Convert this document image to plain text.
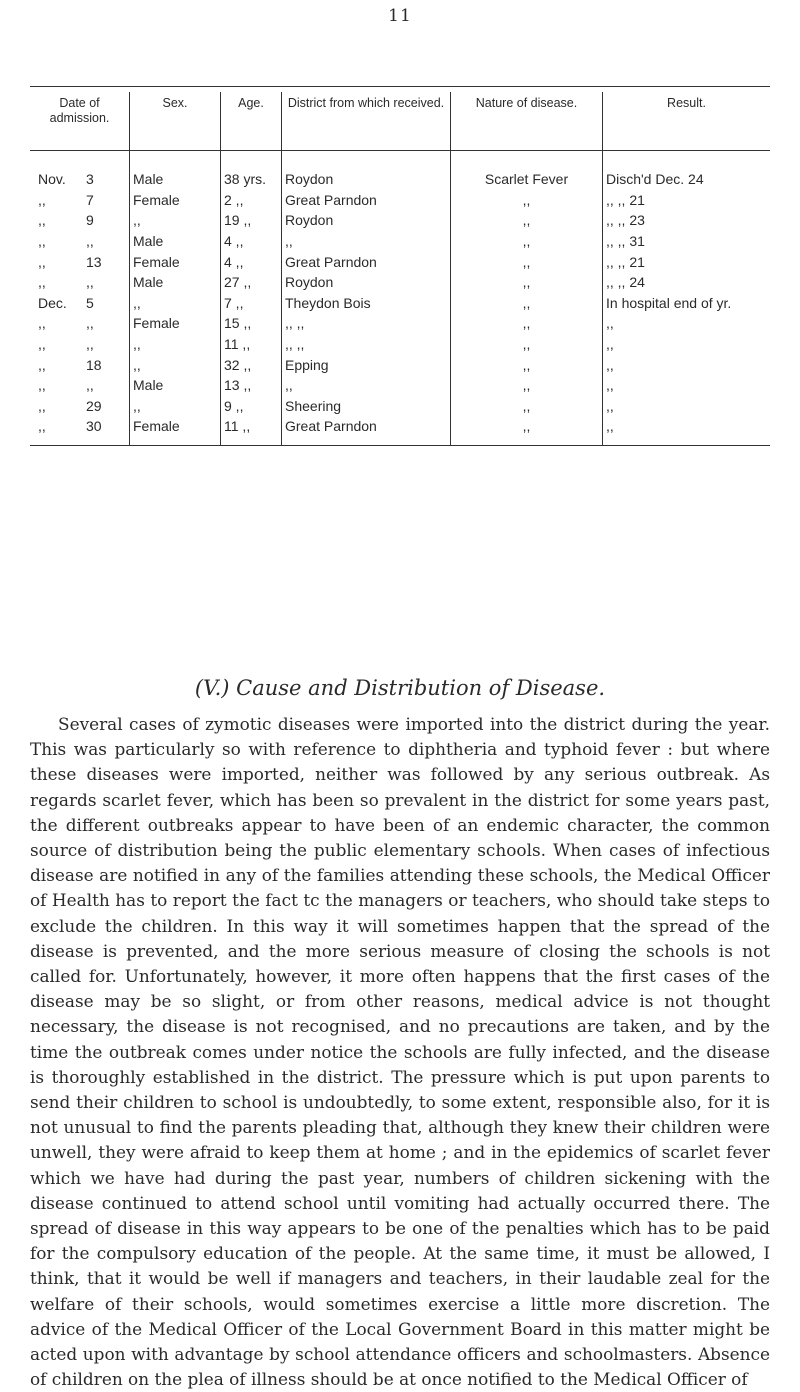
11
Date of admission.	Sex.	Age.	District from which received.	Nature of disease.	Result.
Nov. 3	Male	38 yrs.	Roydon	Scarlet Fever	Disch'd Dec. 24
,, 7	Female	2 ,,	Great Parndon	,,	,, ,, 21
,, 9	,,	19 ,,	Roydon	,,	,, ,, 23
,, ,,	Male	4 ,,	,,	,,	,, ,, 31
,, 13	Female	4 ,,	Great Parndon	,,	,, ,, 21
,, ,,	Male	27 ,,	Roydon	,,	,, ,, 24
Dec. 5	,,	7 ,,	Theydon Bois	,,	In hospital end of yr.
,, ,,	Female	15 ,,	,, ,,	,,	,,
,, ,,	,,	11 ,,	,, ,,	,,	,,
,, 18	,,	32 ,,	Epping	,,	,,
,, ,,	Male	13 ,,	,,	,,	,,
,, 29	,,	9 ,,	Sheering	,,	,,
,, 30	Female	11 ,,	Great Parndon	,,	,,
(V.) Cause and Distribution of Disease.

Several cases of zymotic diseases were imported into the district during the year. This was particularly so with reference to diphtheria and typhoid fever : but where these diseases were imported, neither was followed by any serious outbreak. As regards scarlet fever, which has been so prevalent in the district for some years past, the different outbreaks appear to have been of an endemic character, the common source of distribution being the public elementary schools. When cases of infectious disease are notified in any of the families attending these schools, the Medical Officer of Health has to report the fact tc the managers or teachers, who should take steps to exclude the children. In this way it will sometimes happen that the spread of the disease is prevented, and the more serious measure of closing the schools is not called for. Unfortunately, however, it more often happens that the first cases of the disease may be so slight, or from other reasons, medical advice is not thought necessary, the disease is not recognised, and no precautions are taken, and by the time the outbreak comes under notice the schools are fully infected, and the disease is thoroughly established in the district. The pressure which is put upon parents to send their children to school is undoubtedly, to some extent, responsible also, for it is not unusual to find the parents pleading that, although they knew their children were unwell, they were afraid to keep them at home ; and in the epidemics of scarlet fever which we have had during the past year, numbers of children sickening with the disease continued to attend school until vomiting had actually occurred there. The spread of disease in this way appears to be one of the penalties which has to be paid for the compulsory education of the people. At the same time, it must be allowed, I think, that it would be well if managers and teachers, in their laudable zeal for the welfare of their schools, would sometimes exercise a little more discretion. The advice of the Medical Officer of the Local Government Board in this matter might be acted upon with advantage by school attendance officers and schoolmasters. Absence of children on the plea of illness should be at once notified to the Medical Officer of
